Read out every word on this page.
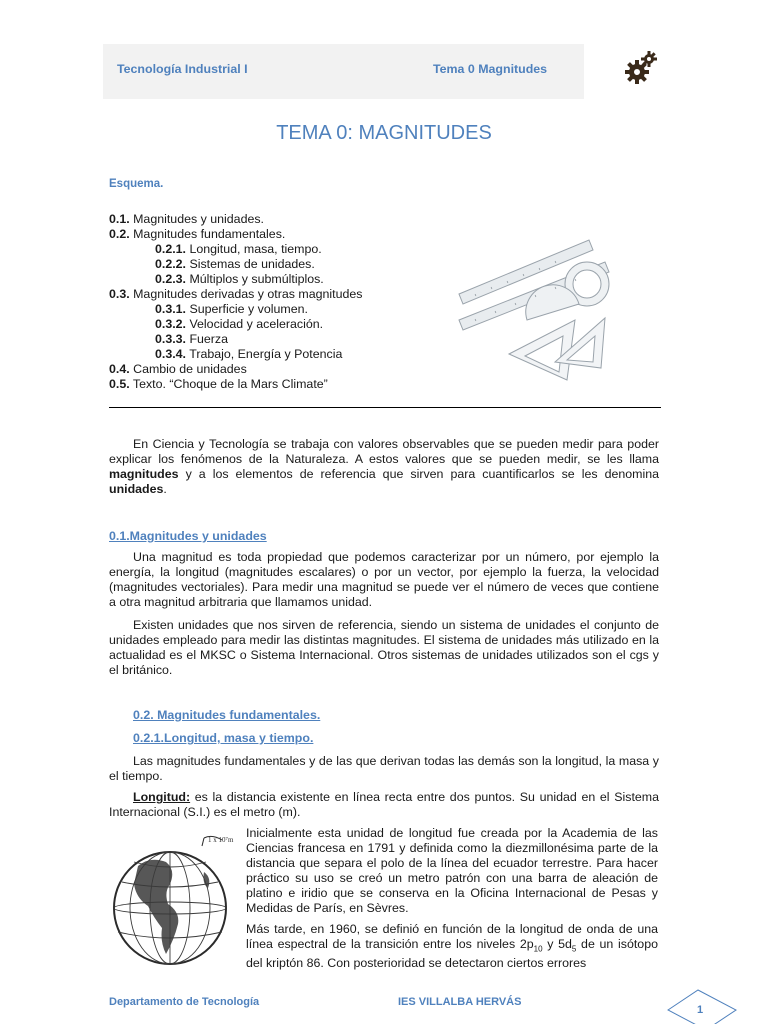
Tecnología Industrial I	Tema 0 Magnitudes
TEMA 0: MAGNITUDES
Esquema.
0.1. Magnitudes y unidades.
0.2. Magnitudes fundamentales.
0.2.1. Longitud, masa, tiempo.
0.2.2. Sistemas de unidades.
0.2.3. Múltiplos y submúltiplos.
0.3. Magnitudes derivadas y otras magnitudes
0.3.1. Superficie y volumen.
0.3.2. Velocidad y aceleración.
0.3.3. Fuerza
0.3.4. Trabajo, Energía y Potencia
0.4. Cambio de unidades
0.5. Texto. “Choque de la Mars Climate”
En Ciencia y Tecnología se trabaja con valores observables que se pueden medir para poder explicar los fenómenos de la Naturaleza. A estos valores que se pueden medir, se les llama magnitudes y a los elementos de referencia que sirven para cuantificarlos se les denomina unidades.
0.1.Magnitudes y unidades
Una magnitud es toda propiedad que podemos caracterizar por un número, por ejemplo la energía, la longitud (magnitudes escalares) o por un vector, por ejemplo la fuerza, la velocidad (magnitudes vectoriales). Para medir una magnitud se puede ver el número de veces que contiene a otra magnitud arbitraria que llamamos unidad.
Existen unidades que nos sirven de referencia, siendo un sistema de unidades el conjunto de unidades empleado para medir las distintas magnitudes. El sistema de unidades más utilizado en la actualidad es el MKSC o Sistema Internacional. Otros sistemas de unidades utilizados son el cgs y el británico.
0.2. Magnitudes fundamentales.
0.2.1.Longitud, masa y tiempo.
Las magnitudes fundamentales y de las que derivan todas las demás son la longitud, la masa y el tiempo.
Longitud: es la distancia existente en línea recta entre dos puntos. Su unidad en el Sistema Internacional (S.I.) es el metro (m).
1 x 10⁷m Inicialmente esta unidad de longitud fue creada por la Academia de las Ciencias francesa en 1791 y definida como la diezmillonésima parte de la distancia que separa el polo de la línea del ecuador terrestre. Para hacer práctico su uso se creó un metro patrón con una barra de aleación de platino e iridio que se conserva en la Oficina Internacional de Pesas y Medidas de París, en Sèvres.
Más tarde, en 1960, se definió en función de la longitud de onda de una línea espectral de la transición entre los niveles $2p_{10}$ y $5d_5$ de un isótopo del kriptón 86. Con posterioridad se detectaron ciertos errores
Departamento de Tecnología	IES VILLALBA HERVÁS
1
